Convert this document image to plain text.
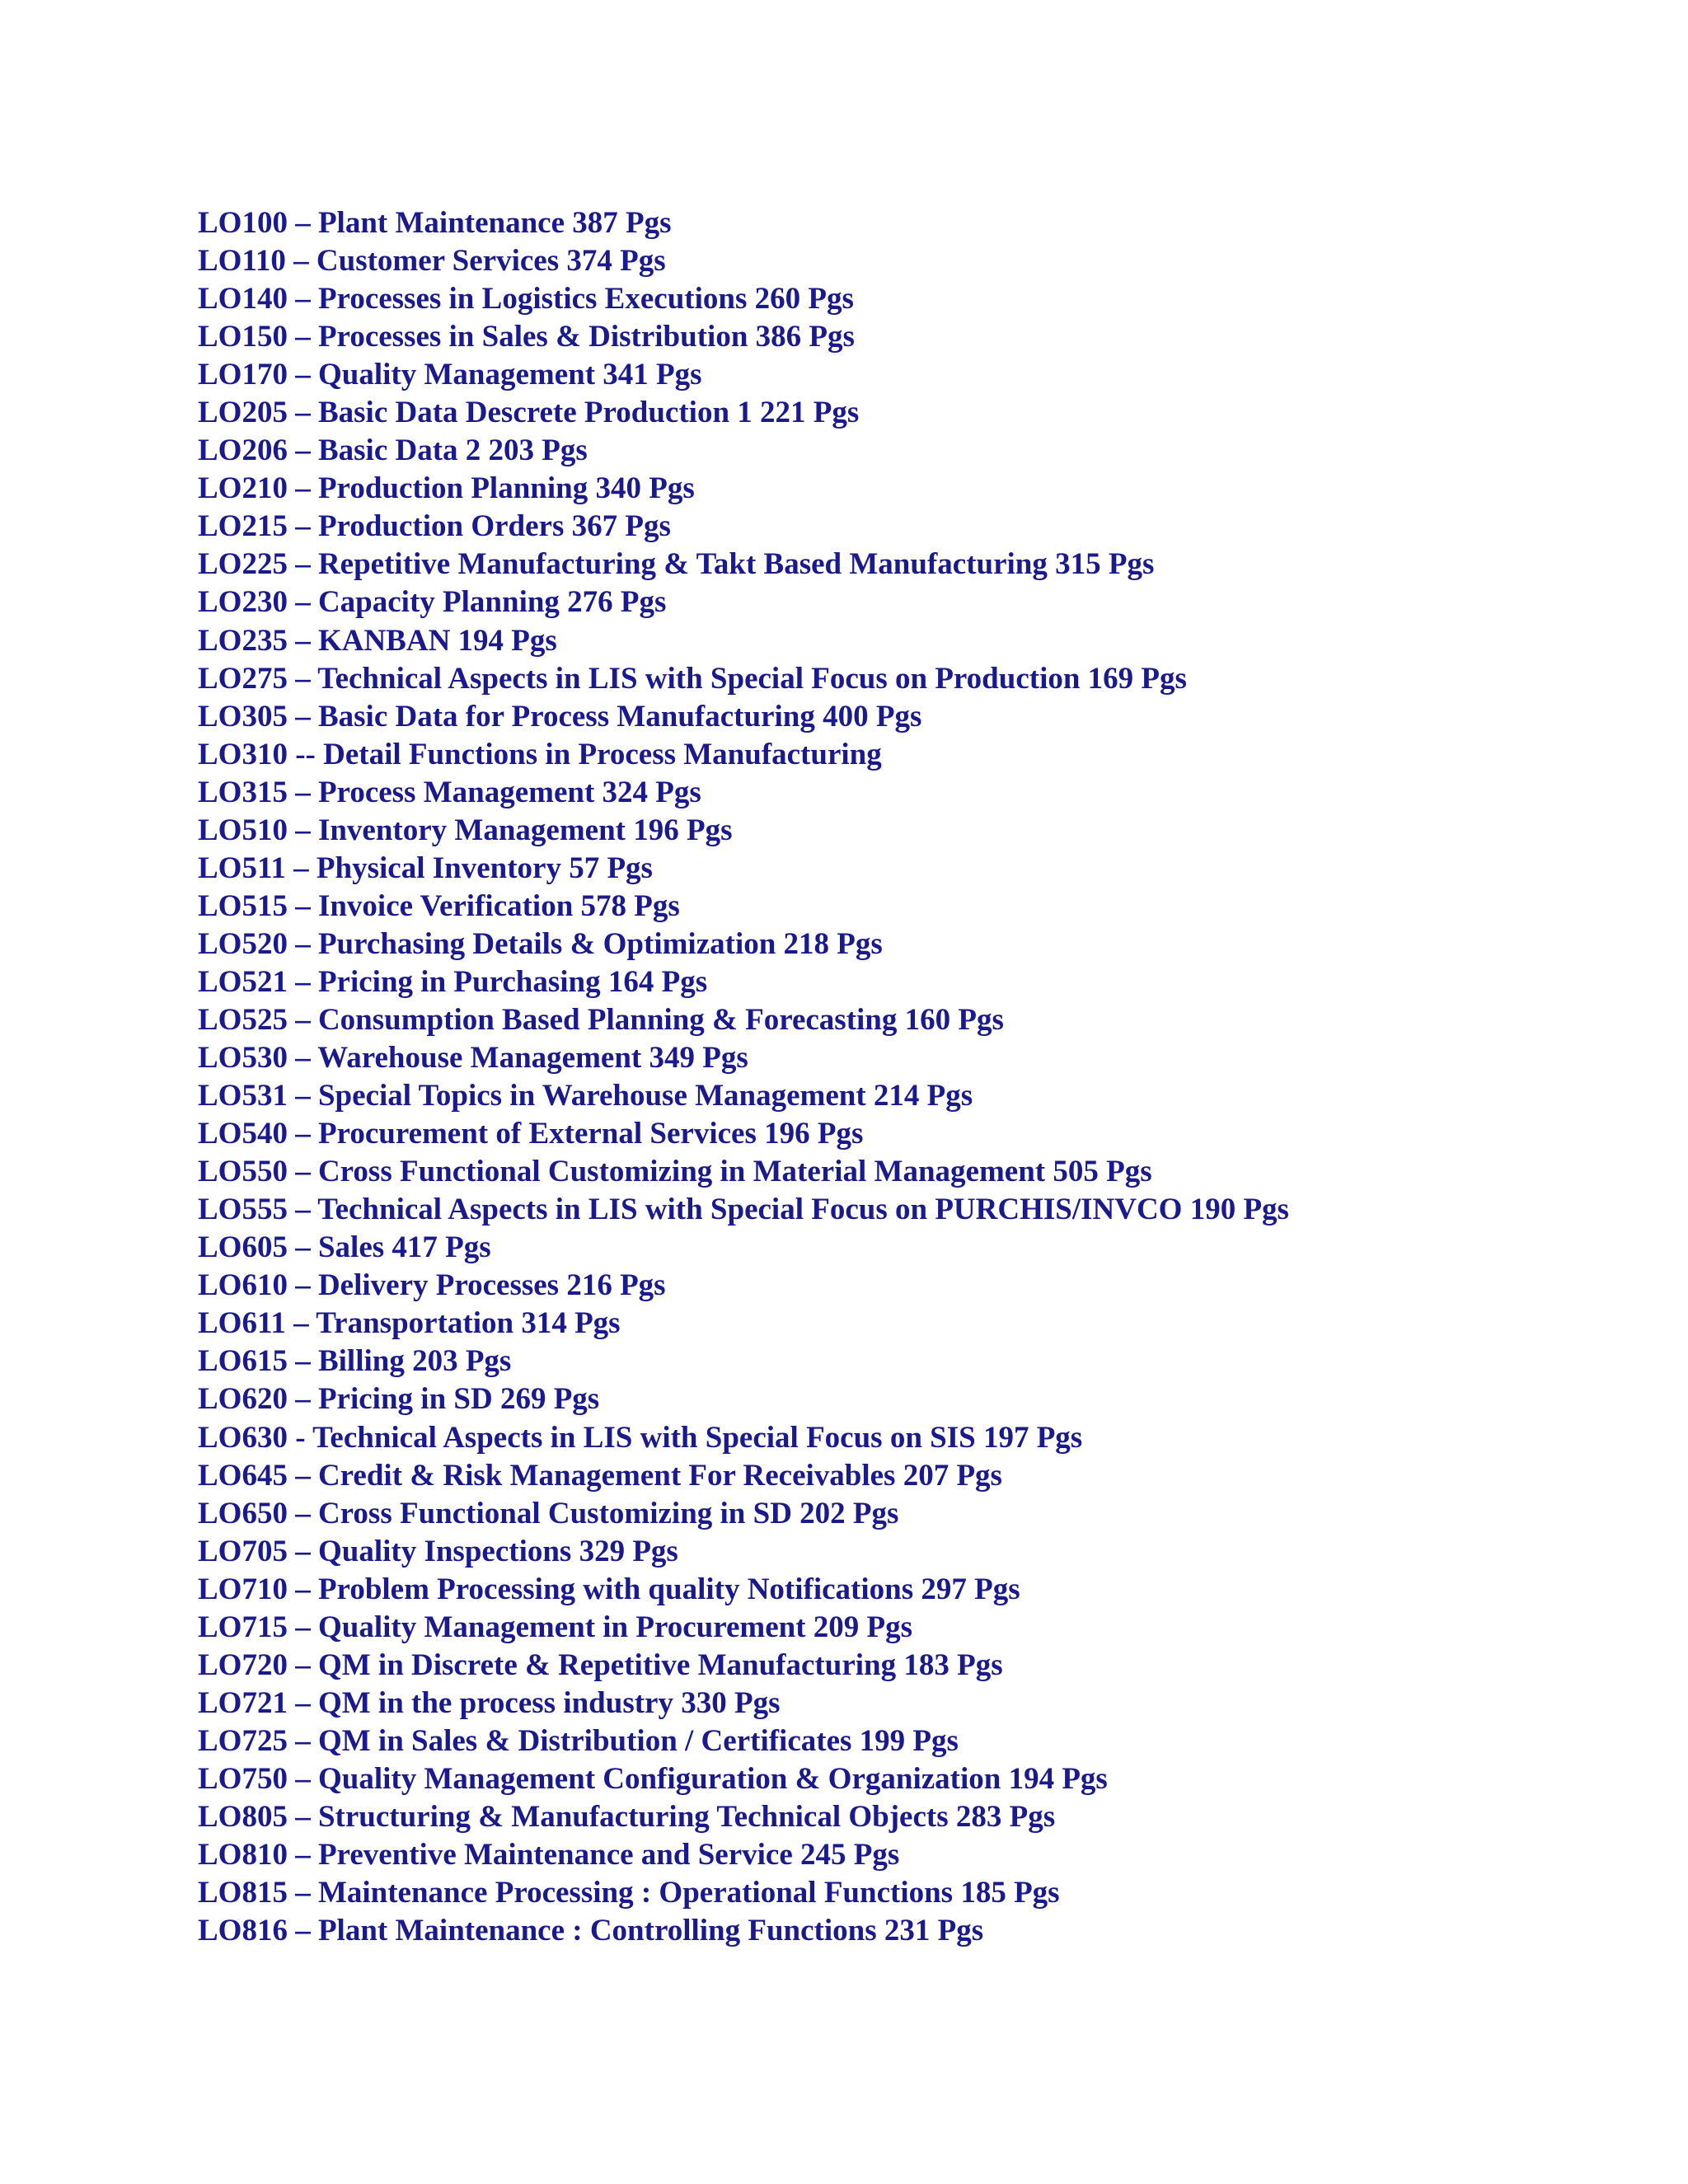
LO100 – Plant Maintenance 387 Pgs
LO110 – Customer Services 374 Pgs
LO140 – Processes in Logistics Executions 260 Pgs
LO150 – Processes in Sales & Distribution 386 Pgs
LO170 – Quality Management 341 Pgs
LO205 – Basic Data Descrete Production 1 221 Pgs
LO206 – Basic Data 2 203 Pgs
LO210 – Production Planning 340 Pgs
LO215 – Production Orders 367 Pgs
LO225 – Repetitive Manufacturing & Takt Based Manufacturing 315 Pgs
LO230 – Capacity Planning 276 Pgs
LO235 – KANBAN 194 Pgs
LO275 – Technical Aspects in LIS with Special Focus on Production 169 Pgs
LO305 – Basic Data for Process Manufacturing 400 Pgs
LO310 -- Detail Functions in Process Manufacturing
LO315 – Process Management 324 Pgs
LO510 – Inventory Management 196 Pgs
LO511 – Physical Inventory 57 Pgs
LO515 – Invoice Verification 578 Pgs
LO520 – Purchasing Details & Optimization 218 Pgs
LO521 – Pricing in Purchasing 164 Pgs
LO525 – Consumption Based Planning & Forecasting 160 Pgs
LO530 – Warehouse Management 349 Pgs
LO531 – Special Topics in Warehouse Management 214 Pgs
LO540 – Procurement of External Services 196 Pgs
LO550 – Cross Functional Customizing in Material Management 505 Pgs
LO555 – Technical Aspects in LIS with Special Focus on PURCHIS/INVCO 190 Pgs
LO605 – Sales 417 Pgs
LO610 – Delivery Processes 216 Pgs
LO611 – Transportation 314 Pgs
LO615 – Billing 203 Pgs
LO620 – Pricing in SD 269 Pgs
LO630 - Technical Aspects in LIS with Special Focus on SIS 197 Pgs
LO645 – Credit & Risk Management For Receivables 207 Pgs
LO650 – Cross Functional Customizing in SD 202 Pgs
LO705 – Quality Inspections 329 Pgs
LO710 – Problem Processing with quality Notifications 297 Pgs
LO715 – Quality Management in Procurement 209 Pgs
LO720 – QM in Discrete & Repetitive Manufacturing 183 Pgs
LO721 – QM in the process industry 330 Pgs
LO725 – QM in Sales & Distribution / Certificates 199 Pgs
LO750 – Quality Management Configuration & Organization 194 Pgs
LO805 – Structuring & Manufacturing Technical Objects 283 Pgs
LO810 – Preventive Maintenance and Service 245 Pgs
LO815 – Maintenance Processing : Operational Functions 185 Pgs
LO816 – Plant Maintenance : Controlling Functions 231 Pgs
